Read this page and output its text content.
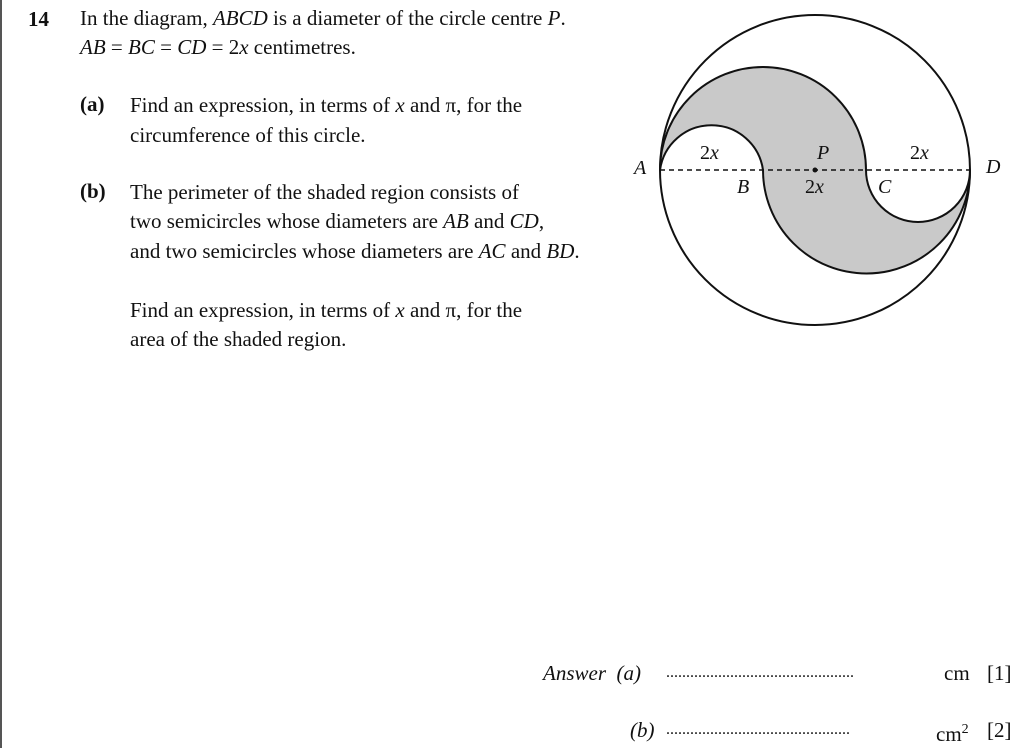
14 In the diagram, ABCD is a diameter of the circle centre P.
AB = BC = CD = 2x centimetres.
(a) Find an expression, in terms of x and π, for the
circumference of this circle.
(b) The perimeter of the shaded region consists of
two semicircles whose diameters are AB and CD,
and two semicircles whose diameters are AC and BD.
Find an expression, in terms of x and π, for the
area of the shaded region.
A
B
P
C
D
2x
2x
2x
Answer (a) ...............................................	cm [1]
(b) ..............................................	$cm^2$ [2]
